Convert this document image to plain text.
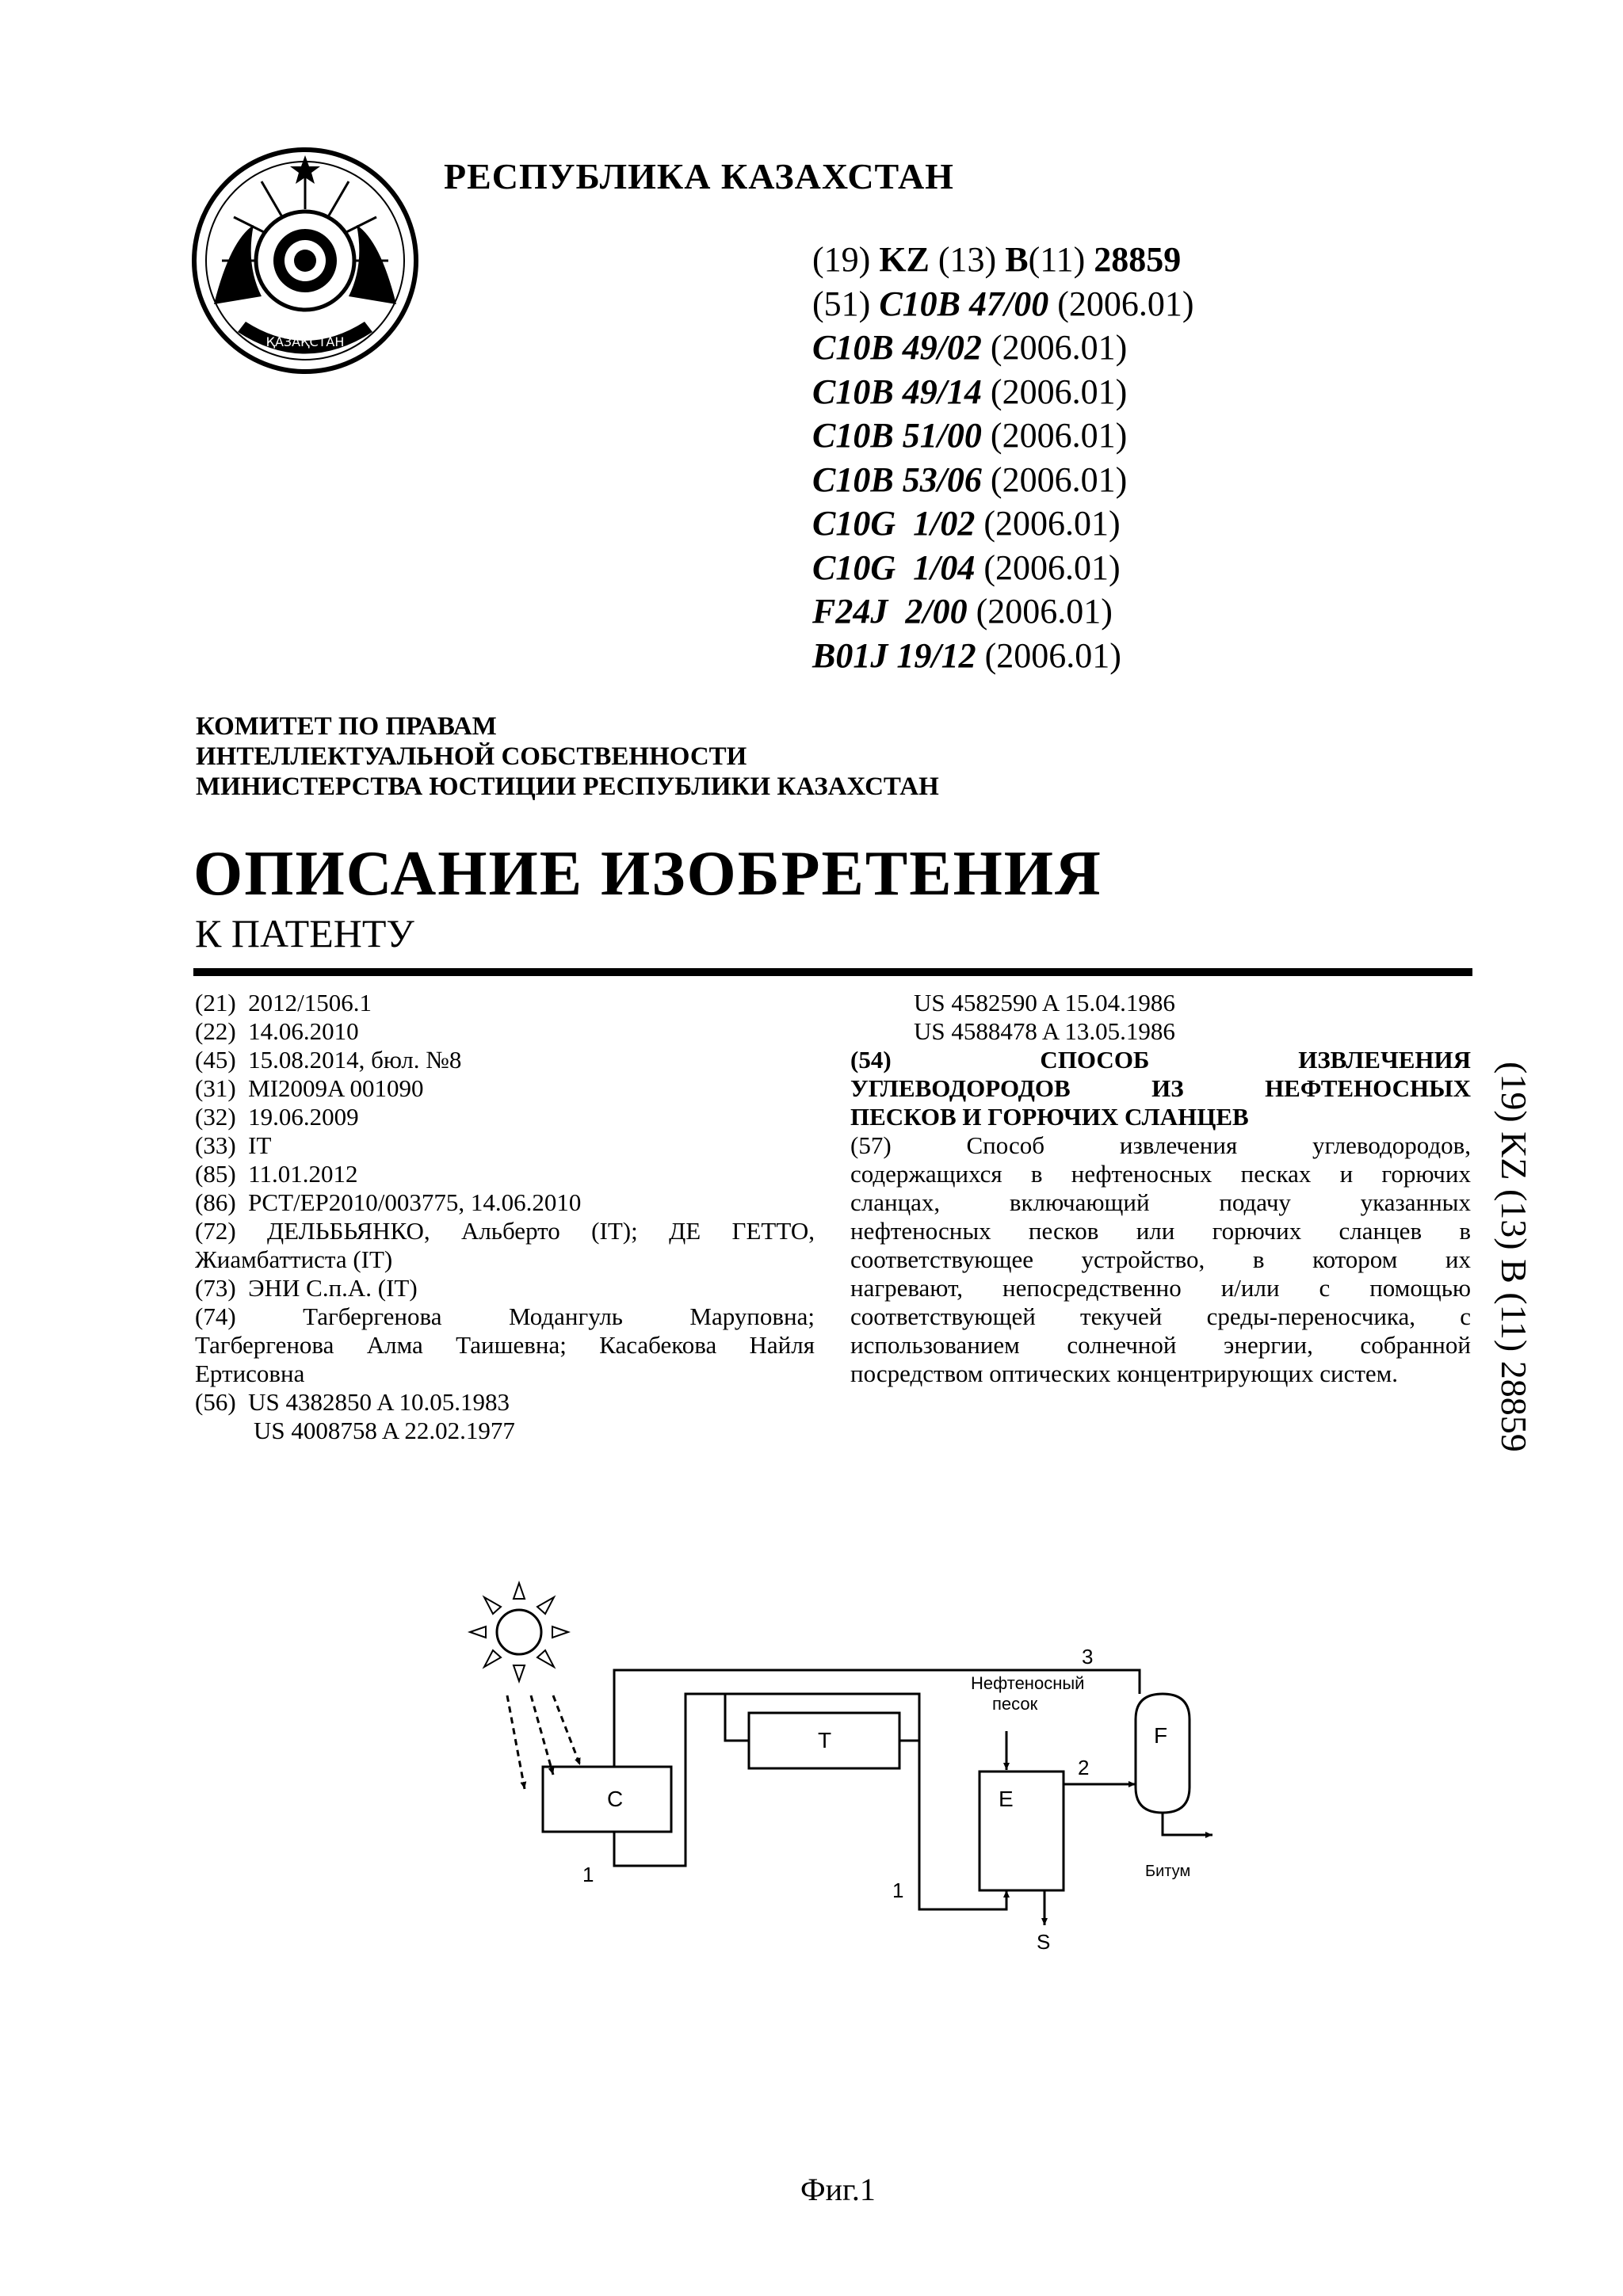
ҚАЗАҚСТАН
РЕСПУБЛИКА КАЗАХСТАН
(19) KZ (13) B(11) 28859
(51) C10B 47/00 (2006.01)
C10B 49/02 (2006.01)
C10B 49/14 (2006.01)
C10B 51/00 (2006.01)
C10B 53/06 (2006.01)
C10G  1/02 (2006.01)
C10G  1/04 (2006.01)
F24J  2/00 (2006.01)
B01J 19/12 (2006.01)
КОМИТЕТ ПО ПРАВАМ
ИНТЕЛЛЕКТУАЛЬНОЙ СОБСТВЕННОСТИ
МИНИСТЕРСТВА ЮСТИЦИИ РЕСПУБЛИКИ КАЗАХСТАН
ОПИСАНИЕ ИЗОБРЕТЕНИЯ
К ПАТЕНТУ
(21)  2012/1506.1
(22)  14.06.2010
(45)  15.08.2014, бюл. №8
(31)  MI2009A 001090
(32)  19.06.2009
(33)  IT
(85)  11.01.2012
(86)  PCT/EP2010/003775, 14.06.2010
(72) ДЕЛЬБЬЯНКО, Альберто (IT); ДЕ ГЕТТО,
Жиамбаттиста (IT)
(73)  ЭНИ С.п.А. (IT)
(74) Тагбергенова Модангуль Маруповна;
Тагбергенова Алма Таишевна; Касабекова Найля
Ертисовна
(56)  US 4382850 A 10.05.1983
US 4008758 A 22.02.1977
US 4582590 A 15.04.1986
US 4588478 A 13.05.1986
(54) СПОСОБ ИЗВЛЕЧЕНИЯ
УГЛЕВОДОРОДОВ ИЗ НЕФТЕНОСНЫХ
ПЕСКОВ И ГОРЮЧИХ СЛАНЦЕВ
(57) Способ извлечения углеводородов,
содержащихся в нефтеносных песках и горючих
сланцах, включающий подачу указанных
нефтеносных песков или горючих сланцев в
соответствующее устройство, в котором их
нагревают, непосредственно и/или с помощью
соответствующей текучей среды-переносчика, с
использованием солнечной энергии, собранной
посредством оптических концентрирующих систем.	(19) KZ (13) B (11) 28859
C
T
E
F
Нефтеносный
песок
1
1
2
3
S
Битум
Фиг.1
